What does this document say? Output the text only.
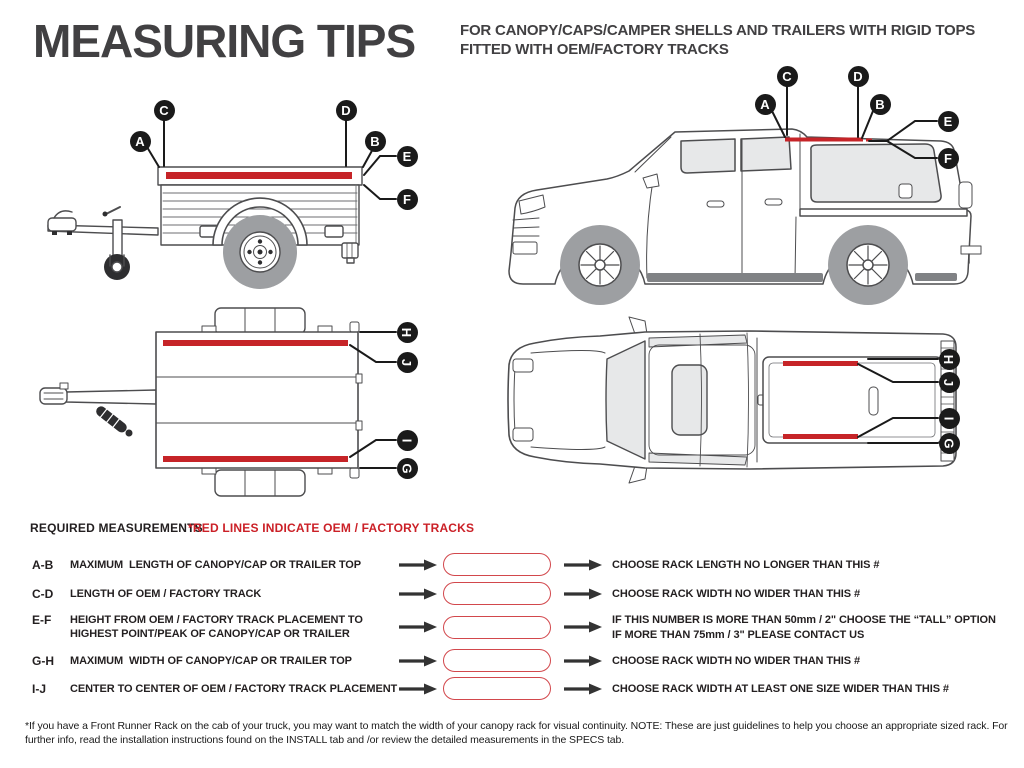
MEASURING TIPS	FOR CANOPY/CAPS/CAMPER SHELLS AND TRAILERS WITH RIGID TOPS
FITTED WITH OEM/FACTORY TRACKS
A
C	D
B
E
F
A
C	D
B
E
F
H
J
I
G
H
J
I
G
REQUIRED MEASUREMENTS
*RED LINES INDICATE OEM / FACTORY TRACKS
A-B MAXIMUM  LENGTH OF CANOPY/CAP OR TRAILER TOP	CHOOSE RACK LENGTH NO LONGER THAN THIS #
C-D LENGTH OF OEM / FACTORY TRACK	CHOOSE RACK WIDTH NO WIDER THAN THIS #
E-F HEIGHT FROM OEM / FACTORY TRACK PLACEMENT TO
HIGHEST POINT/PEAK OF CANOPY/CAP OR TRAILER
IF THIS NUMBER IS MORE THAN 50mm / 2" CHOOSE THE “TALL” OPTION
IF MORE THAN 75mm / 3" PLEASE CONTACT US
G-H MAXIMUM  WIDTH OF CANOPY/CAP OR TRAILER TOP	CHOOSE RACK WIDTH NO WIDER THAN THIS #
I-J CENTER TO CENTER OF OEM / FACTORY TRACK PLACEMENT	CHOOSE RACK WIDTH AT LEAST ONE SIZE WIDER THAN THIS #
*If you have a Front Runner Rack on the cab of your truck, you may want to match the width of your canopy rack for visual continuity. NOTE: These are just guidelines to help you choose an appropriate sized rack. For further info, read the installation instructions found on the INSTALL tab and /or review the detailed measurements in the SPECS tab.
